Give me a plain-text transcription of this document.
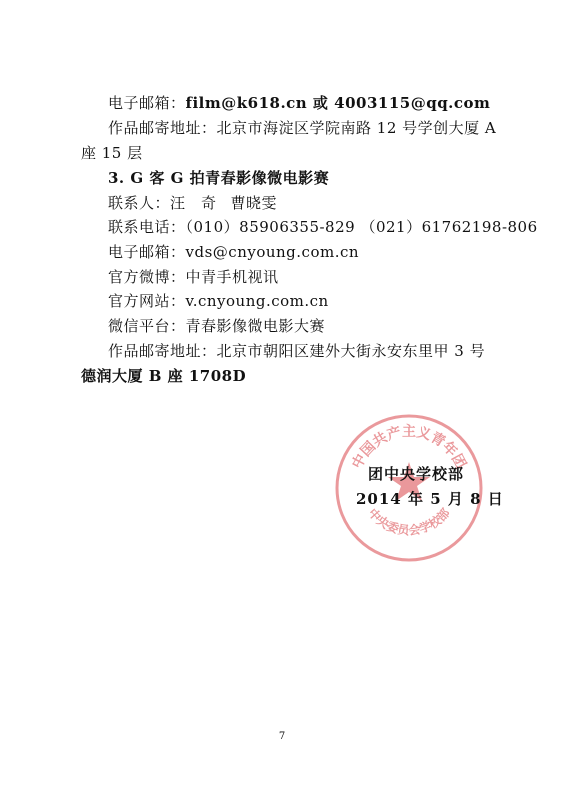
电子邮箱：film@k618.cn 或 4003115@qq.com
作品邮寄地址：北京市海淀区学院南路 12 号学创大厦 A
座 15 层
3. G 客 G 拍青春影像微电影赛
联系人：汪　奇 曹晓雯
联系电话：（010）85906355-829 （021）61762198-806
电子邮箱：vds@cnyoung.com.cn
官方微博：中青手机视讯
官方网站：v.cnyoung.com.cn
微信平台：青春影像微电影大赛
作品邮寄地址：北京市朝阳区建外大街永安东里甲 3 号
德润大厦 B 座 1708D
中国共产主义青年团
中央委员会学校部
团中央学校部
2014 年 5 月 8 日
7
